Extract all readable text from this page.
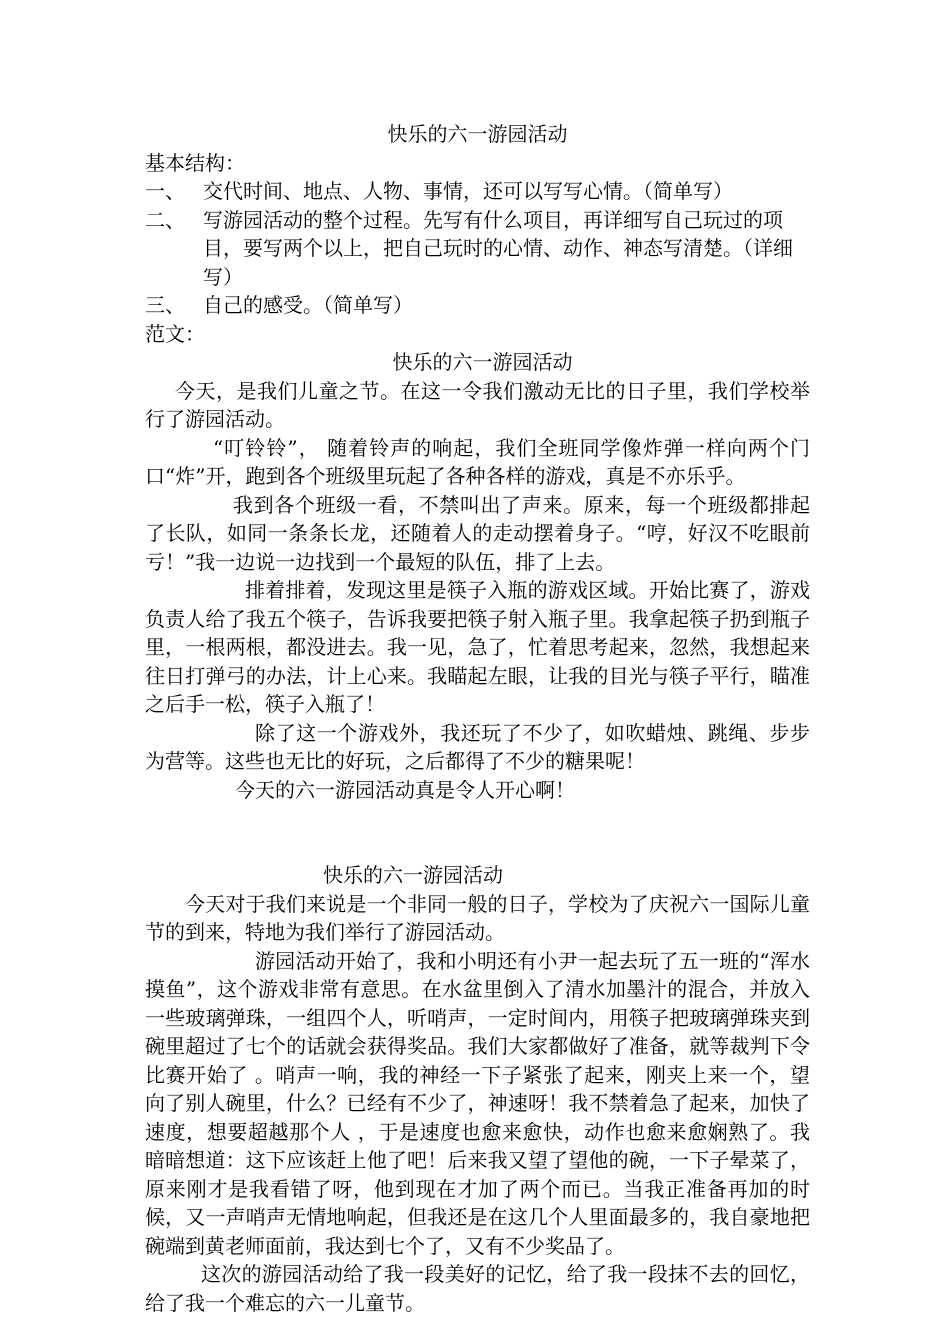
快乐的六一游园活动

基本结构：

一、 交代时间、地点、人物、事情，还可以写写心情。（简单写）
二、 写游园活动的整个过程。先写有什么项目，再详细写自己玩过的项目，要写两个以上，把自己玩时的心情、动作、神态写清楚。（详细写）
三、 自己的感受。（简单写）

范文：

快乐的六一游园活动

今天，是我们儿童之节。在这一令我们激动无比的日子里，我们学校举行了游园活动。

“叮铃铃”， 随着铃声的响起，我们全班同学像炸弹一样向两个门口“炸”开，跑到各个班级里玩起了各种各样的游戏，真是不亦乐乎。

我到各个班级一看，不禁叫出了声来。原来，每一个班级都排起了长队，如同一条条长龙，还随着人的走动摆着身子。“哼，好汉不吃眼前亏！”我一边说一边找到一个最短的队伍，排了上去。

排着排着，发现这里是筷子入瓶的游戏区域。开始比赛了，游戏负责人给了我五个筷子，告诉我要把筷子射入瓶子里。我拿起筷子扔到瓶子里，一根两根，都没进去。我一见，急了，忙着思考起来，忽然，我想起来往日打弹弓的办法，计上心来。我瞄起左眼，让我的目光与筷子平行，瞄准之后手一松，筷子入瓶了！

除了这一个游戏外，我还玩了不少了，如吹蜡烛、跳绳、步步为营等。这些也无比的好玩，之后都得了不少的糖果呢！

今天的六一游园活动真是令人开心啊！

快乐的六一游园活动

今天对于我们来说是一个非同一般的日子，学校为了庆祝六一国际儿童节的到来，特地为我们举行了游园活动。

游园活动开始了，我和小明还有小尹一起去玩了五一班的“浑水摸鱼”，这个游戏非常有意思。在水盆里倒入了清水加墨汁的混合，并放入一些玻璃弹珠，一组四个人，听哨声，一定时间内，用筷子把玻璃弹珠夹到碗里超过了七个的话就会获得奖品。我们大家都做好了准备，就等裁判下令比赛开始了 。哨声一响，我的神经一下子紧张了起来，刚夹上来一个，望向了别人碗里，什么？已经有不少了，神速呀！我不禁着急了起来，加快了速度，想要超越那个人 ，于是速度也愈来愈快，动作也愈来愈娴熟了。我暗暗想道：这下应该赶上他了吧！后来我又望了望他的碗，一下子晕菜了，原来刚才是我看错了呀，他到现在才加了两个而已。当我正准备再加的时候，又一声哨声无情地响起，但我还是在这几个人里面最多的，我自豪地把碗端到黄老师面前，我达到七个了，又有不少奖品了。

这次的游园活动给了我一段美好的记忆，给了我一段抹不去的回忆，给了我一个难忘的六一儿童节。
